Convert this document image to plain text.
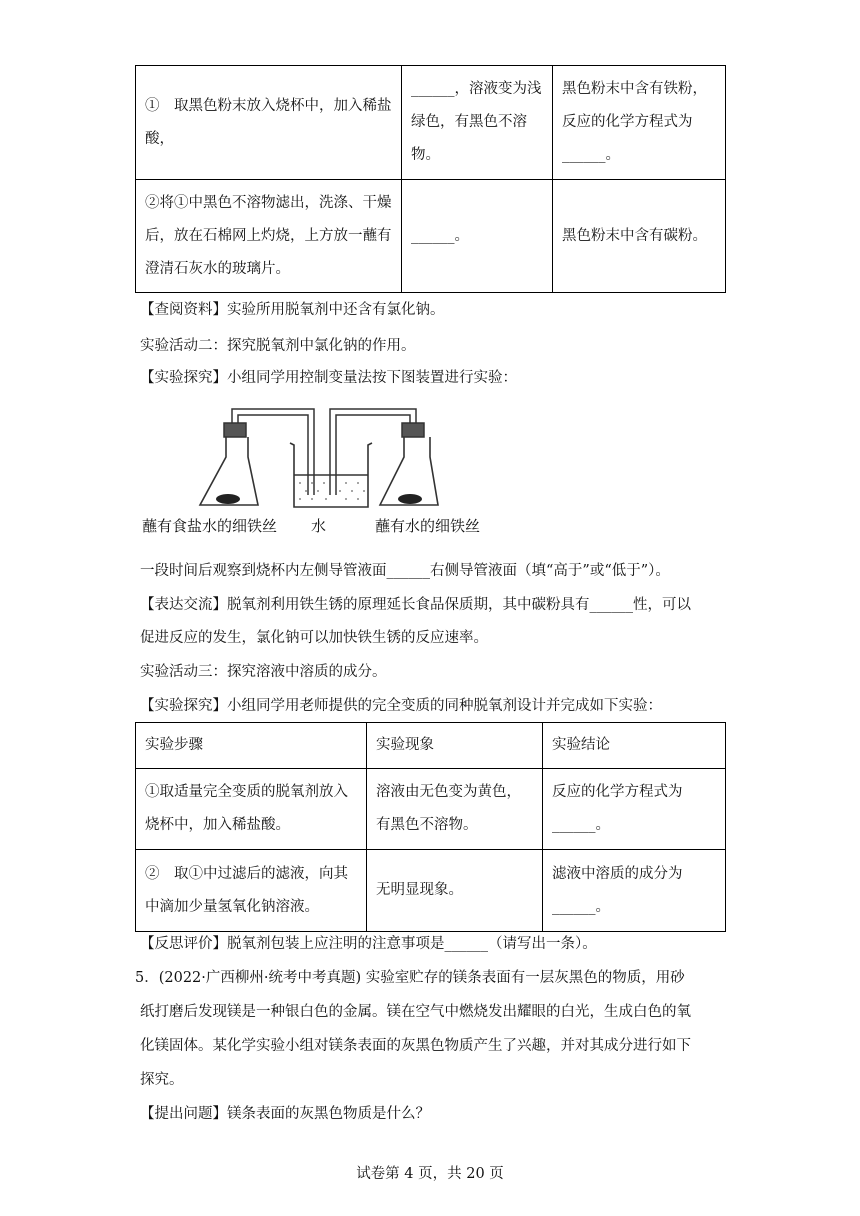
①　取黑色粉末放入烧杯中，加入稀盐酸，	______，溶液变为浅绿色，有黑色不溶物。	黑色粉末中含有铁粉，反应的化学方程式为______。
②将①中黑色不溶物滤出，洗涤、干燥后，放在石棉网上灼烧，上方放一蘸有澄清石灰水的玻璃片。	______。	黑色粉末中含有碳粉。

【查阅资料】实验所用脱氧剂中还含有氯化钠。

实验活动二：探究脱氧剂中氯化钠的作用。

【实验探究】小组同学用控制变量法按下图装置进行实验：

蘸有食盐水的细铁丝 水	蘸有水的细铁丝

一段时间后观察到烧杯内左侧导管液面______右侧导管液面（填“高于”或“低于”）。

【表达交流】脱氧剂利用铁生锈的原理延长食品保质期，其中碳粉具有______性，可以

促进反应的发生，氯化钠可以加快铁生锈的反应速率。

实验活动三：探究溶液中溶质的成分。

【实验探究】小组同学用老师提供的完全变质的同种脱氧剂设计并完成如下实验：

实验步骤	实验现象	实验结论
①取适量完全变质的脱氧剂放入烧杯中，加入稀盐酸。	溶液由无色变为黄色，有黑色不溶物。	反应的化学方程式为______。
②　取①中过滤后的滤液，向其中滴加少量氢氧化钠溶液。	无明显现象。	滤液中溶质的成分为______。

【反思评价】脱氧剂包装上应注明的注意事项是______（请写出一条）。

5．(2022·广西柳州·统考中考真题) 实验室贮存的镁条表面有一层灰黑色的物质，用砂

纸打磨后发现镁是一种银白色的金属。镁在空气中燃烧发出耀眼的白光，生成白色的氧

化镁固体。某化学实验小组对镁条表面的灰黑色物质产生了兴趣，并对其成分进行如下

探究。

【提出问题】镁条表面的灰黑色物质是什么？

试卷第 4 页，共 20 页
